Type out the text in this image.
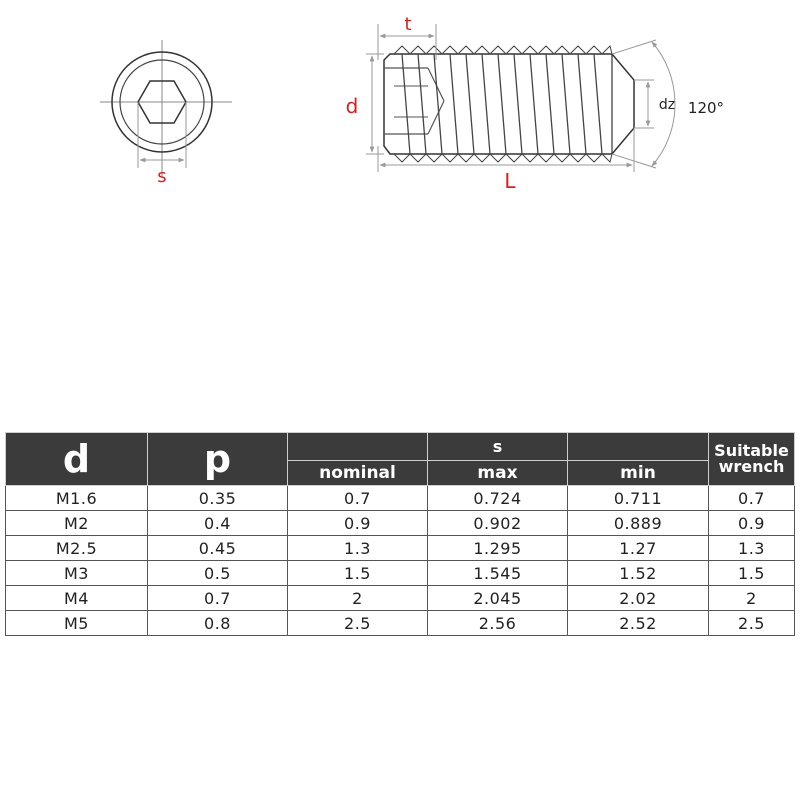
s
t
d
L
dz 120°
d	p		s		Suitable wrench
		nominal	max	min	
M1.6	0.35	0.7	0.724	0.711	0.7
M2	0.4	0.9	0.902	0.889	0.9
M2.5	0.45	1.3	1.295	1.27	1.3
M3	0.5	1.5	1.545	1.52	1.5
M4	0.7	2	2.045	2.02	2
M5	0.8	2.5	2.56	2.52	2.5
